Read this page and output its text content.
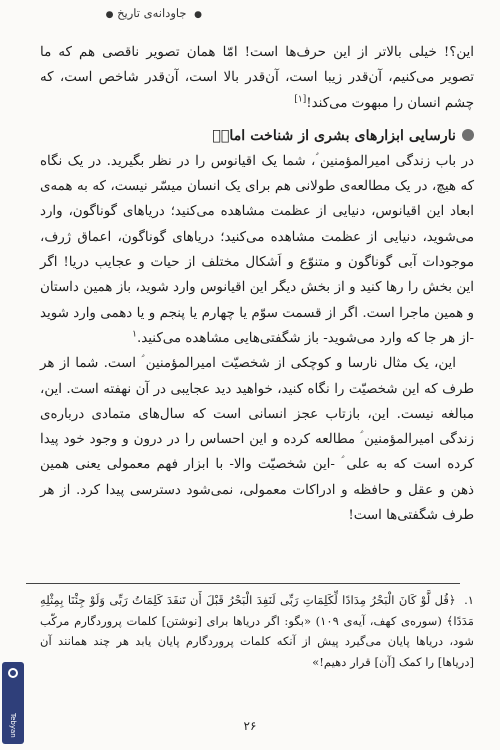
● جاودانه‌ی تاریخ ●

این؟! خیلی بالاتر از این حرف‌ها است! امّا همان تصویر ناقصی هم که ما تصویر می‌کنیم، آن‌قدر زیبا است، آن‌قدر بالا است، آن‌قدر شاخص است، که چشم انسان را مبهوت می‌کند![۱]

نارسایی ابزارهای بشری از شناخت امام

در باب زندگی امیرالمؤمنین ؑ، شما یک اقیانوس را در نظر بگیرید. در یک نگاه که هیچ، در یک مطالعه‌ی طولانی هم برای یک انسان میسّر نیست، که به همه‌ی ابعاد این اقیانوس، دنیایی از عظمت مشاهده می‌کنید؛ دریاهای گوناگون، وارد می‌شوید، دنیایی از عظمت مشاهده می‌کنید؛ دریاهای گوناگون، اعماق ژرف، موجودات آبی گوناگون و متنوّع و اَشکال مختلف از حیات و عجایب دریا! اگر این بخش را رها کنید و از بخش دیگر این اقیانوس وارد شوید، باز همین داستان و همین ماجرا است. اگر از قسمت سوّم یا چهارم یا پنجم و یا دهمی وارد شوید -از هر جا که وارد می‌شوید- باز شگفتی‌هایی مشاهده می‌کنید.$^۱$

این، یک مثال نارسا و کوچکی از شخصیّت امیرالمؤمنین ؑ است. شما از هر طرف که این شخصیّت را نگاه کنید، خواهید دید عجایبی در آن نهفته است. این، مبالغه نیست. این، بازتاب عجز انسانی است که سال‌های متمادی درباره‌ی زندگی امیرالمؤمنین ؑ مطالعه کرده و این احساس را در درون و وجود خود پیدا کرده است که به علی ؑ -این شخصیّت والا- با ابزار فهم معمولی یعنی همین ذهن و عقل و حافظه و ادراکات معمولی، نمی‌شود دسترسی پیدا کرد. از هر طرف شگفتی‌ها است!

۱. ﴿قُل لَّوْ کَانَ الْبَحْرُ مِدَادًا لِّکَلِمَاتِ رَبِّی لَنَفِدَ الْبَحْرُ قَبْلَ أَن تَنفَدَ کَلِمَاتُ رَبِّی وَلَوْ جِئْنَا بِمِثْلِهِ مَدَدًا﴾ (سوره‌ی کهف، آیه‌ی ۱۰۹) «بگو: اگر دریاها برای [نوشتن] کلمات پروردگارم مرکّب شود، دریاها پایان می‌گیرد پیش از آنکه کلمات پروردگارم پایان یابد هر چند همانند آن [دریاها] را کمک [آن] قرار دهیم!»
۲۶
Tebyan
